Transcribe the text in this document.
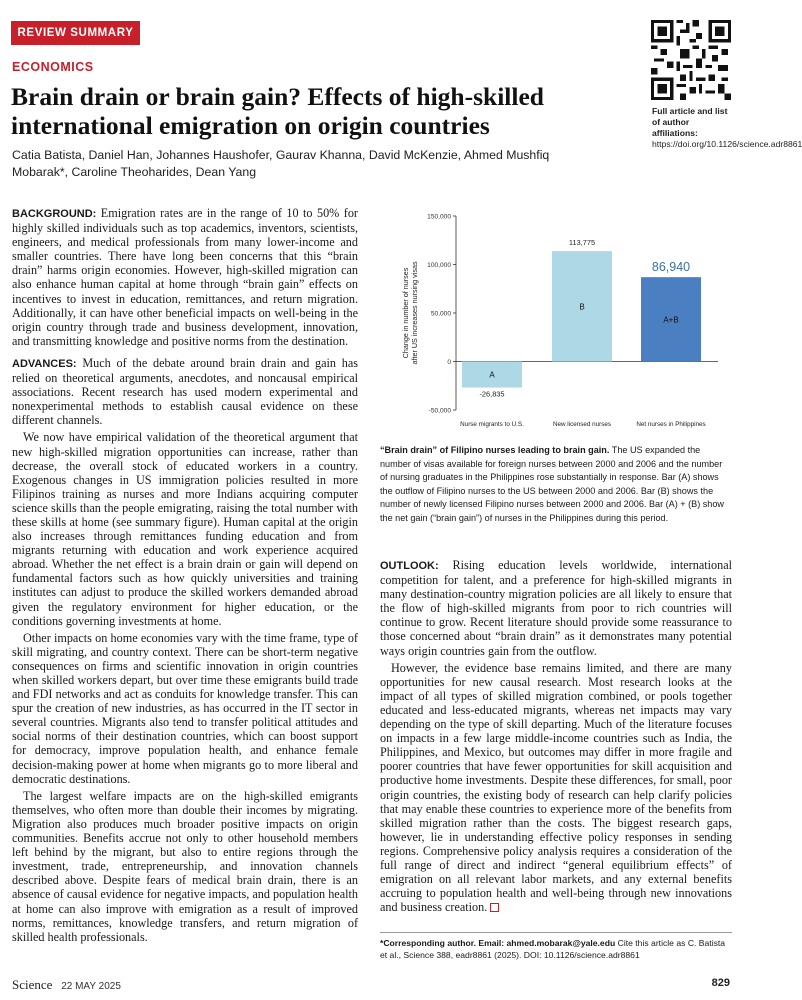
REVIEW SUMMARY
ECONOMICS
Brain drain or brain gain? Effects of high-skilled international emigration on origin countries
Catia Batista, Daniel Han, Johannes Haushofer, Gaurav Khanna, David McKenzie, Ahmed Mushfiq Mobarak*, Caroline Theoharides, Dean Yang
Full article and list of author affiliations: https://doi.org/10.1126/science.adr8861

BACKGROUND: Emigration rates are in the range of 10 to 50% for highly skilled individuals such as top academics, inventors, scientists, engineers, and medical professionals from many lower-income and smaller countries. There have long been concerns that this “brain drain” harms origin economies. However, high-skilled migration can also enhance human capital at home through “brain gain” effects on incentives to invest in education, remittances, and return migration. Additionally, it can have other beneficial impacts on well-being in the origin country through trade and business development, innovation, and transmitting knowledge and positive norms from the destination.

ADVANCES: Much of the debate around brain drain and gain has relied on theoretical arguments, anecdotes, and noncausal empirical associations. Recent research has used modern experimental and nonexperimental methods to establish causal evidence on these different channels.

We now have empirical validation of the theoretical argument that new high-skilled migration opportunities can increase, rather than decrease, the overall stock of educated workers in a country. Exogenous changes in US immigration policies resulted in more Filipinos training as nurses and more Indians acquiring computer science skills than the people emigrating, raising the total number with these skills at home (see summary figure). Human capital at the origin also increases through remittances funding education and from migrants returning with education and work experience acquired abroad. Whether the net effect is a brain drain or gain will depend on fundamental factors such as how quickly universities and training institutes can adjust to produce the skilled workers demanded abroad given the regulatory environment for higher education, or the conditions governing investments at home.

Other impacts on home economies vary with the time frame, type of skill migrating, and country context. There can be short-term negative consequences on firms and scientific innovation in origin countries when skilled workers depart, but over time these emigrants build trade and FDI networks and act as conduits for knowledge transfer. This can spur the creation of new industries, as has occurred in the IT sector in several countries. Migrants also tend to transfer political attitudes and social norms of their destination countries, which can boost support for democracy, improve population health, and enhance female decision-making power at home when migrants go to more liberal and democratic destinations.

The largest welfare impacts are on the high-skilled emigrants themselves, who often more than double their incomes by migrating. Migration also produces much broader positive impacts on origin communities. Benefits accrue not only to other household members left behind by the migrant, but also to entire regions through the investment, trade, entrepreneurship, and innovation channels described above. Despite fears of medical brain drain, there is an absence of causal evidence for negative impacts, and population health at home can also improve with emigration as a result of improved norms, remittances, knowledge transfers, and return migration of skilled health professionals.

-50,000
0
50,000
100,000
150,000
Change in number of nursesafter US increases nursing visas
A
-26,835
Nurse migrants to U.S.
B
113,775
New licensed nurses
A+B
86,940
Net nurses in Philippines
“Brain drain” of Filipino nurses leading to brain gain. The US expanded the number of visas available for foreign nurses between 2000 and 2006 and the number of nursing graduates in the Philippines rose substantially in response. Bar (A) shows the outflow of Filipino nurses to the US between 2000 and 2006. Bar (B) shows the number of newly licensed Filipino nurses between 2000 and 2006. Bar (A) + (B) show the net gain (“brain gain”) of nurses in the Philippines during this period.

OUTLOOK: Rising education levels worldwide, international competition for talent, and a preference for high-skilled migrants in many destination-country migration policies are all likely to ensure that the flow of high-skilled migrants from poor to rich countries will continue to grow. Recent literature should provide some reassurance to those concerned about “brain drain” as it demonstrates many potential ways origin countries gain from the outflow.

However, the evidence base remains limited, and there are many opportunities for new causal research. Most research looks at the impact of all types of skilled migration combined, or pools together educated and less-educated migrants, whereas net impacts may vary depending on the type of skill departing. Much of the literature focuses on impacts in a few large middle-income countries such as India, the Philippines, and Mexico, but outcomes may differ in more fragile and poorer countries that have fewer opportunities for skill acquisition and productive home investments. Despite these differences, for small, poor origin countries, the existing body of research can help clarify policies that may enable these countries to experience more of the benefits from skilled migration rather than the costs. The biggest research gaps, however, lie in understanding effective policy responses in sending regions. Comprehensive policy analysis requires a consideration of the full range of direct and indirect “general equilibrium effects” of emigration on all relevant labor markets, and any external benefits accruing to population health and well-being through new innovations and business creation.

*Corresponding author. Email: ahmed.mobarak@yale.edu Cite this article as C. Batista et al., Science 388, eadr8861 (2025). DOI: 10.1126/science.adr8861
Science 22 MAY 2025	829
